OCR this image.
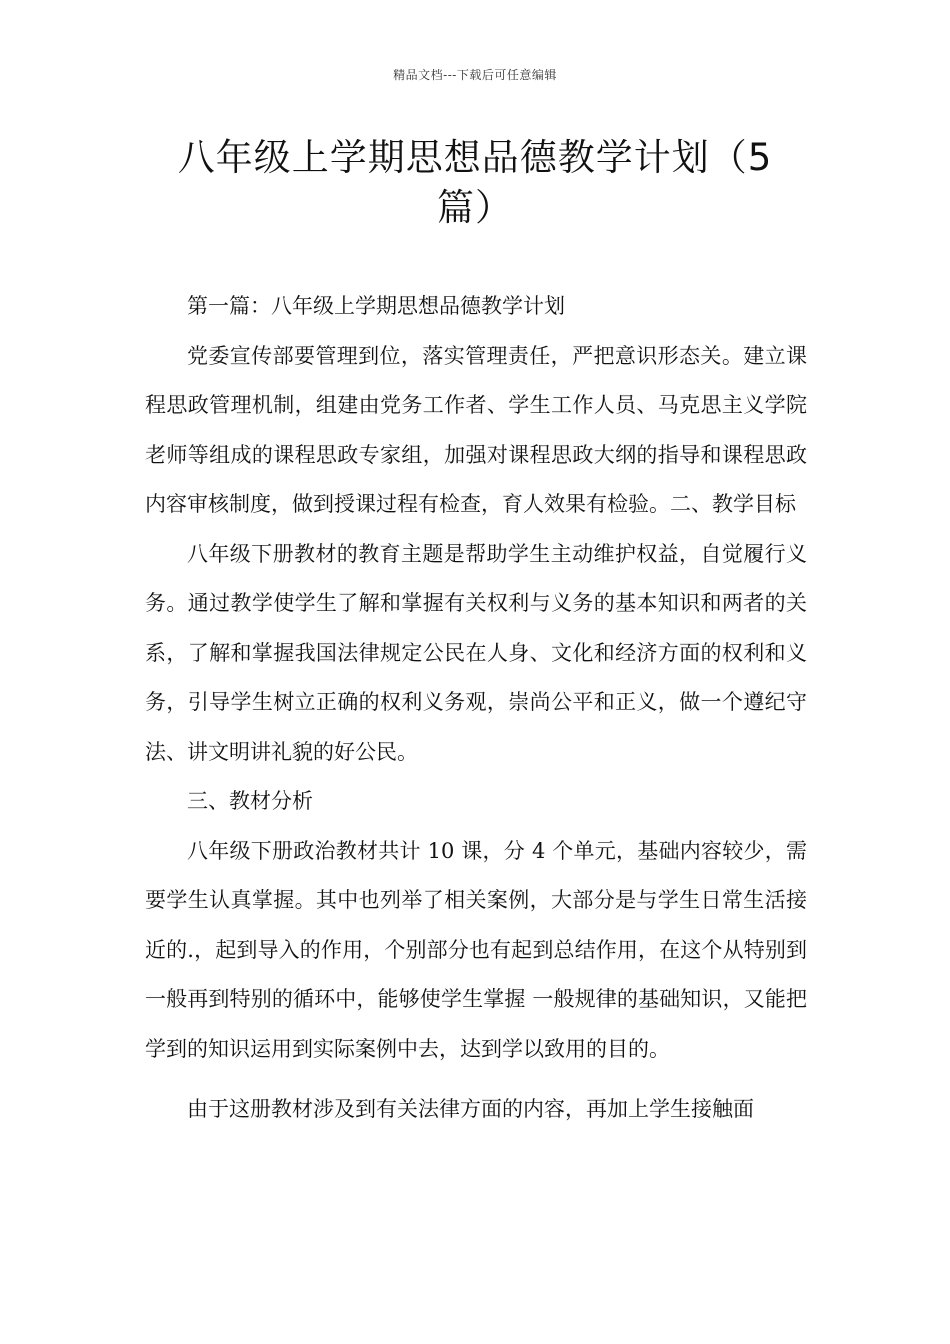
精品文档---下载后可任意编辑
八年级上学期思想品德教学计划（5篇）

第一篇：八年级上学期思想品德教学计划

党委宣传部要管理到位，落实管理责任，严把意识形态关。建立课程思政管理机制，组建由党务工作者、学生工作人员、马克思主义学院老师等组成的课程思政专家组，加强对课程思政大纲的指导和课程思政内容审核制度，做到授课过程有检查，育人效果有检验。二、教学目标

八年级下册教材的教育主题是帮助学生主动维护权益，自觉履行义务。通过教学使学生了解和掌握有关权利与义务的基本知识和两者的关系，了解和掌握我国法律规定公民在人身、文化和经济方面的权利和义务，引导学生树立正确的权利义务观，崇尚公平和正义，做一个遵纪守法、讲文明讲礼貌的好公民。

三、教材分析

八年级下册政治教材共计 10 课，分 4 个单元，基础内容较少，需要学生认真掌握。其中也列举了相关案例，大部分是与学生日常生活接近的.，起到导入的作用，个别部分也有起到总结作用，在这个从特别到一般再到特别的循环中，能够使学生掌握 一般规律的基础知识，又能把学到的知识运用到实际案例中去，达到学以致用的目的。

由于这册教材涉及到有关法律方面的内容，再加上学生接触面
